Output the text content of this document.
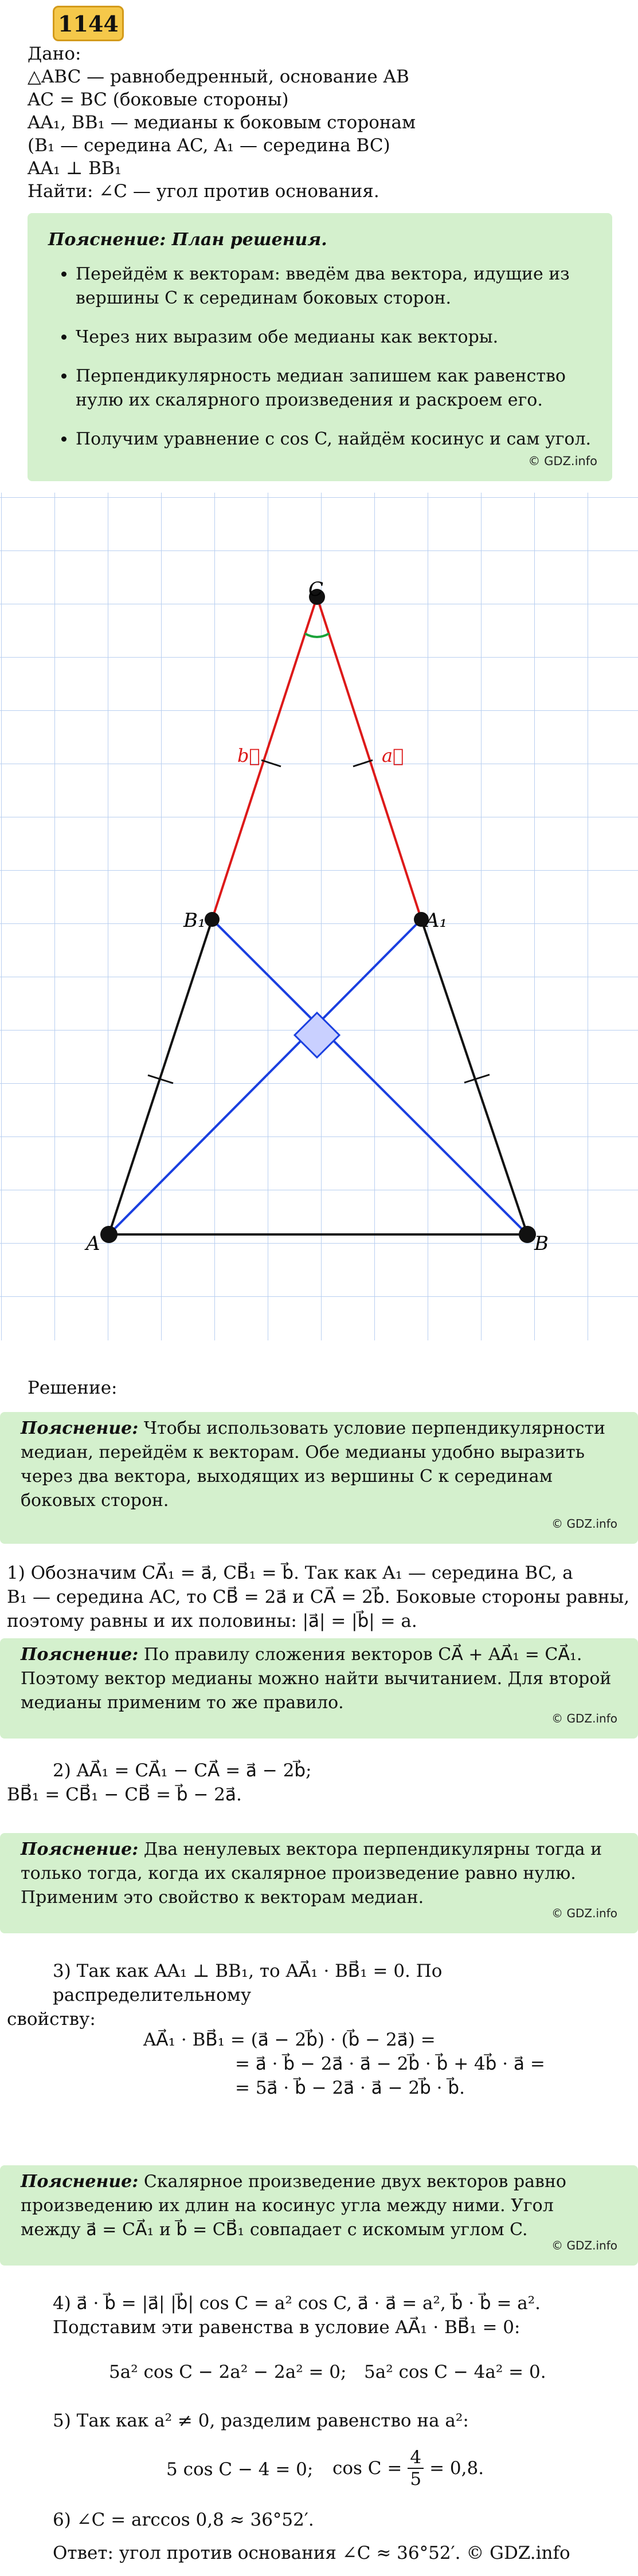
1144
Дано:
△ABC — равнобедренный, основание AB
AC = BC (боковые стороны)
AA₁, BB₁ — медианы к боковым сторонам
(B₁ — середина AC, A₁ — середина BC)
AA₁ ⊥ BB₁
Найти: ∠C — угол против основания.
Пояснение: План решения.
• Перейдём к векторам: введём два вектора, идущие из вершины C к серединам боковых сторон.
• Через них выразим обе медианы как векторы.
• Перпендикулярность медиан запишем как равенство нулю их скалярного произведения и раскроем его.
• Получим уравнение с cos C, найдём косинус и сам угол.
© GDZ.info
C
B₁	A₁
A	B
b⃗	a⃗
Решение:
Пояснение: Чтобы использовать условие перпендикулярности медиан, перейдём к векторам. Обе медианы удобно выразить через два вектора, выходящих из вершины C к серединам боковых сторон.
© GDZ.info
1) Обозначим CA⃗₁ = a⃗, CB⃗₁ = b⃗. Так как A₁ — середина BC, а
B₁ — середина AC, то CB⃗ = 2a⃗ и CA⃗ = 2b⃗. Боковые стороны равны,
поэтому равны и их половины: |a⃗| = |b⃗| = a.
Пояснение: По правилу сложения векторов CA⃗ + AA⃗₁ = CA⃗₁. Поэтому вектор медианы можно найти вычитанием. Для второй медианы применим то же правило.
© GDZ.info
2) AA⃗₁ = CA⃗₁ − CA⃗ = a⃗ − 2b⃗;
BB⃗₁ = CB⃗₁ − CB⃗ = b⃗ − 2a⃗.
Пояснение: Два ненулевых вектора перпендикулярны тогда и только тогда, когда их скалярное произведение равно нулю. Применим это свойство к векторам медиан.
© GDZ.info
3) Так как AA₁ ⊥ BB₁, то AA⃗₁ · BB⃗₁ = 0. По распределительному
свойству:
AA⃗₁ · BB⃗₁ = (a⃗ − 2b⃗) · (b⃗ − 2a⃗) =
= a⃗ · b⃗ − 2a⃗ · a⃗ − 2b⃗ · b⃗ + 4b⃗ · a⃗ =
= 5a⃗ · b⃗ − 2a⃗ · a⃗ − 2b⃗ · b⃗.
Пояснение: Скалярное произведение двух векторов равно произведению их длин на косинус угла между ними. Угол между a⃗ = CA⃗₁ и b⃗ = CB⃗₁ совпадает с искомым углом C.
© GDZ.info
4) a⃗ · b⃗ = |a⃗| |b⃗| cos C = a² cos C, a⃗ · a⃗ = a², b⃗ · b⃗ = a².
Подставим эти равенства в условие AA⃗₁ · BB⃗₁ = 0:
5a² cos C − 2a² − 2a² = 0; 5a² cos C − 4a² = 0.
5) Так как a² ≠ 0, разделим равенство на a²:
5 cos C − 4 = 0; $\cos C = \frac{4}{5} = 0,8$.
6) ∠C = arccos 0,8 ≈ 36°52′.
Ответ: угол против основания ∠C ≈ 36°52′. © GDZ.info
